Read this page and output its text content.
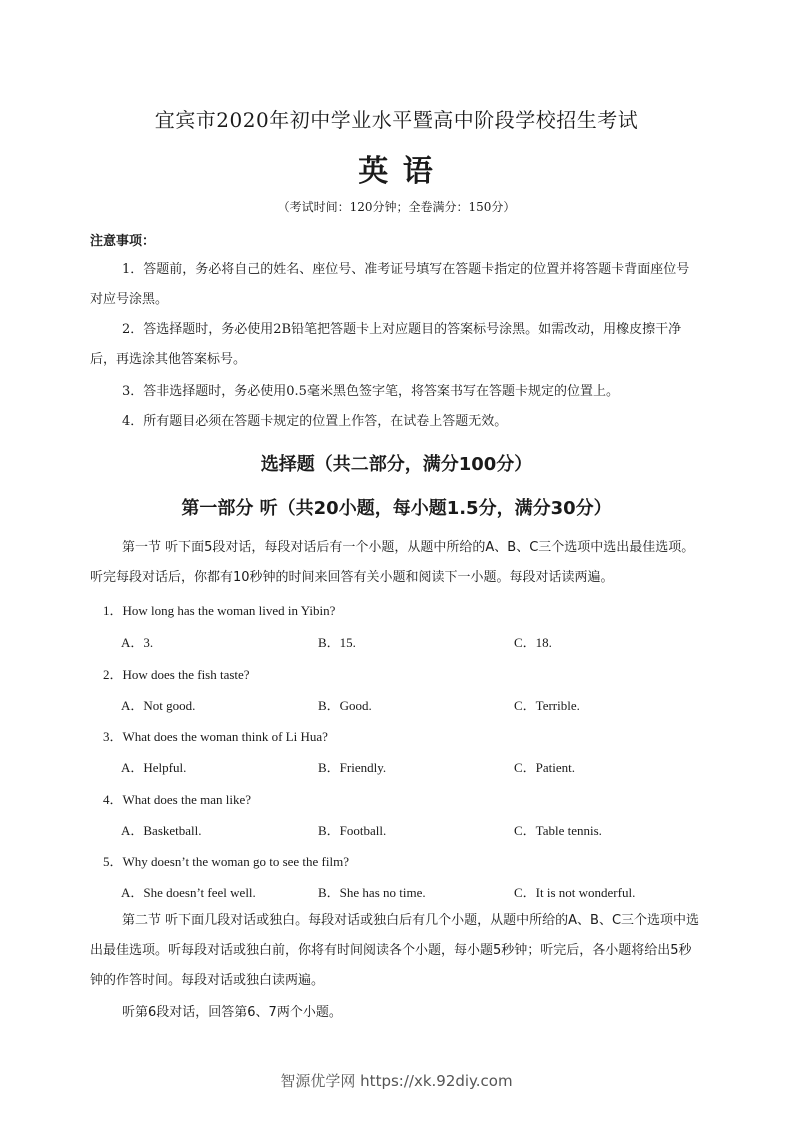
宜宾市2020年初中学业水平暨高中阶段学校招生考试
英 语
（考试时间：120分钟；全卷满分：150分）
注意事项：
1．答题前，务必将自己的姓名、座位号、准考证号填写在答题卡指定的位置并将答题卡背面座位号对应号涂黑。
2．答选择题时，务必使用2B铅笔把答题卡上对应题目的答案标号涂黑。如需改动，用橡皮擦干净后，再选涂其他答案标号。
3．答非选择题时，务必使用0.5毫米黑色签字笔，将答案书写在答题卡规定的位置上。
4．所有题目必须在答题卡规定的位置上作答，在试卷上答题无效。
选择题（共二部分，满分100分）
第一部分 听（共20小题，每小题1.5分，满分30分）
第一节 听下面5段对话，每段对话后有一个小题，从题中所给的A、B、C三个选项中选出最佳选项。听完每段对话后，你都有10秒钟的时间来回答有关小题和阅读下一小题。每段对话读两遍。
1．How long has the woman lived in Yibin?
A．3.	B．15.	C．18.
2．How does the fish taste?
A．Not good.	B．Good.	C．Terrible.
3．What does the woman think of Li Hua?
A．Helpful.	B．Friendly.	C．Patient.
4．What does the man like?
A．Basketball.	B．Football.	C．Table tennis.
5．Why doesn’t the woman go to see the film?
A．She doesn’t feel well.	B．She has no time.	C．It is not wonderful.
第二节 听下面几段对话或独白。每段对话或独白后有几个小题，从题中所给的A、B、C三个选项中选出最佳选项。听每段对话或独白前，你将有时间阅读各个小题，每小题5秒钟；听完后，各小题将给出5秒钟的作答时间。每段对话或独白读两遍。
听第6段对话，回答第6、7两个小题。
智源优学网 https://xk.92diy.com
